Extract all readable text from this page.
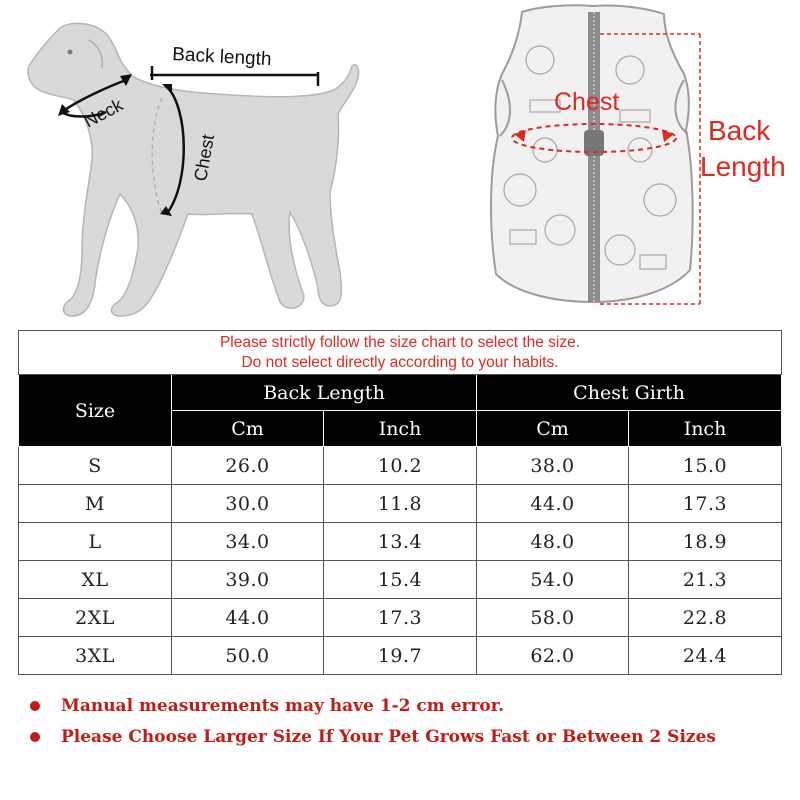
Back length
Neck
Chest
Chest
Back
Length
Please strictly follow the size chart to select the size.
Do not select directly according to your habits.				

Size	Back Length		Chest Girth	
	Cm	Inch	Cm	Inch
S	26.0	10.2	38.0	15.0
M	30.0	11.8	44.0	17.3
L	34.0	13.4	48.0	18.9
XL	39.0	15.4	54.0	21.3
2XL	44.0	17.3	58.0	22.8
3XL	50.0	19.7	62.0	24.4
Manual measurements may have 1-2 cm error.
Please Choose Larger Size If Your Pet Grows Fast or Between 2 Sizes
